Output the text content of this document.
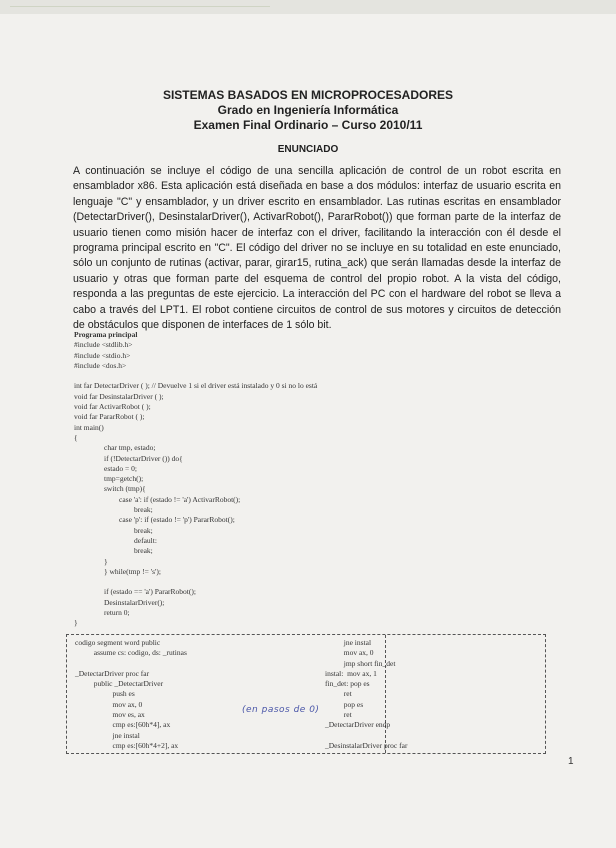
SISTEMAS BASADOS EN MICROPROCESADORES
Grado en Ingeniería Informática
Examen Final Ordinario – Curso 2010/11
ENUNCIADO
A continuación se incluye el código de una sencilla aplicación de control de un robot escrita en ensamblador x86. Esta aplicación está diseñada en base a dos módulos: interfaz de usuario escrita en lenguaje "C" y ensamblador, y un driver escrito en ensamblador. Las rutinas escritas en ensamblador (DetectarDriver(), DesinstalarDriver(), ActivarRobot(), PararRobot()) que forman parte de la interfaz de usuario tienen como misión hacer de interfaz con el driver, facilitando la interacción con él desde el programa principal escrito en "C". El código del driver no se incluye en su totalidad en este enunciado, sólo un conjunto de rutinas (activar, parar, girar15, rutina_ack) que serán llamadas desde la interfaz de usuario y otras que forman parte del esquema de control del propio robot. A la vista del código, responda a las preguntas de este ejercicio. La interacción del PC con el hardware del robot se lleva a cabo a través del LPT1. El robot contiene circuitos de control de sus motores y circuitos de detección de obstáculos que disponen de interfaces de 1 sólo bit.
Programa principal
#include <stdlib.h>
#include <stdio.h>
#include <dos.h>
int far DetectarDriver ( ); // Devuelve 1 si el driver está instalado y 0 si no lo está
void far DesinstalarDriver ( );
void far ActivarRobot ( );
void far PararRobot ( );
int main()
{
char tmp, estado;
if (!DetectarDriver ()) do{
estado = 0;
tmp=getch();
switch (tmp){
case 'a': if (estado != 'a') ActivarRobot();
break;
case 'p': if (estado != 'p') PararRobot();
break;
default:
break;
}
} while(tmp != 's');
if (estado == 'a') PararRobot();
DesinstalarDriver();
return 0;
}
codigo segment word public
assume cs: codigo, ds: _rutinas
_DetectarDriver proc far
public _DetectarDriver
push es
mov ax, 0
mov es, ax
cmp es:[60h*4], ax
jne instal
cmp es:[60h*4+2], ax
jne instal
mov ax, 0
jmp short fin_det
instal:  mov ax, 1
fin_det: pop es
ret
pop es
ret
_DetectarDriver endp
_DesinstalarDriver proc far
(en pasos de 0)
1
